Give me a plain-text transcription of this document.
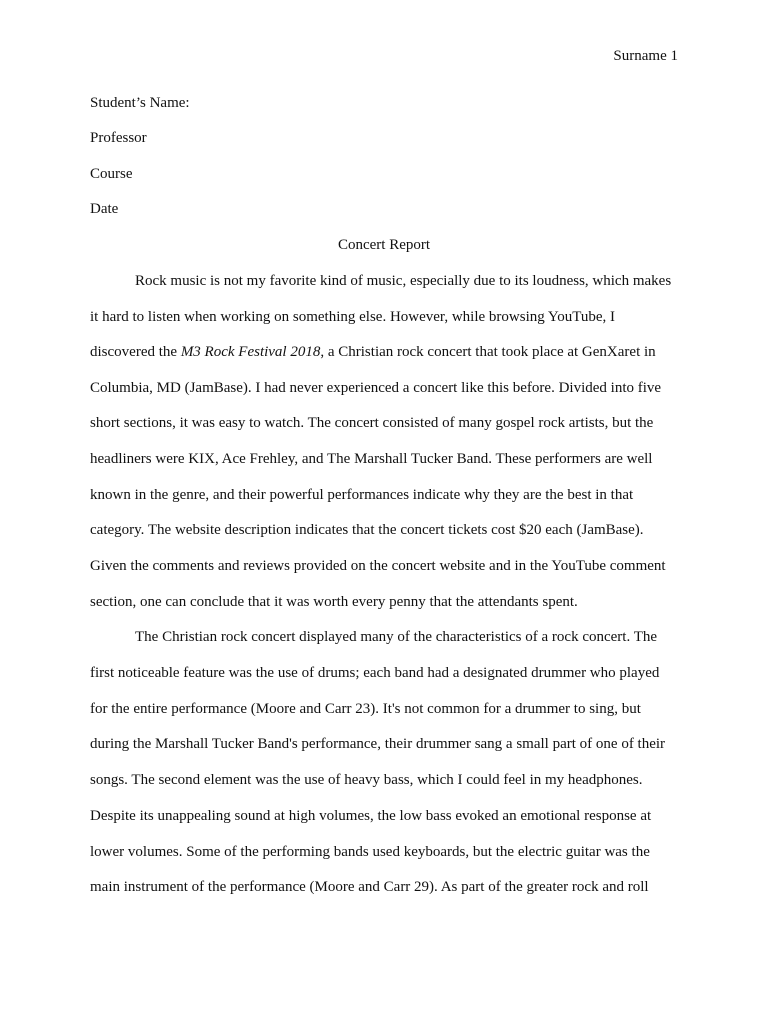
Surname 1
Student’s Name:
Professor
Course
Date
Concert Report
Rock music is not my favorite kind of music, especially due to its loudness, which makes
it hard to listen when working on something else. However, while browsing YouTube, I
discovered the M3 Rock Festival 2018, a Christian rock concert that took place at GenXaret in
Columbia, MD (JamBase). I had never experienced a concert like this before. Divided into five
short sections, it was easy to watch. The concert consisted of many gospel rock artists, but the
headliners were KIX, Ace Frehley, and The Marshall Tucker Band. These performers are well
known in the genre, and their powerful performances indicate why they are the best in that
category. The website description indicates that the concert tickets cost $20 each (JamBase).
Given the comments and reviews provided on the concert website and in the YouTube comment
section, one can conclude that it was worth every penny that the attendants spent.
The Christian rock concert displayed many of the characteristics of a rock concert. The
first noticeable feature was the use of drums; each band had a designated drummer who played
for the entire performance (Moore and Carr 23). It's not common for a drummer to sing, but
during the Marshall Tucker Band's performance, their drummer sang a small part of one of their
songs. The second element was the use of heavy bass, which I could feel in my headphones.
Despite its unappealing sound at high volumes, the low bass evoked an emotional response at
lower volumes. Some of the performing bands used keyboards, but the electric guitar was the
main instrument of the performance (Moore and Carr 29). As part of the greater rock and roll
